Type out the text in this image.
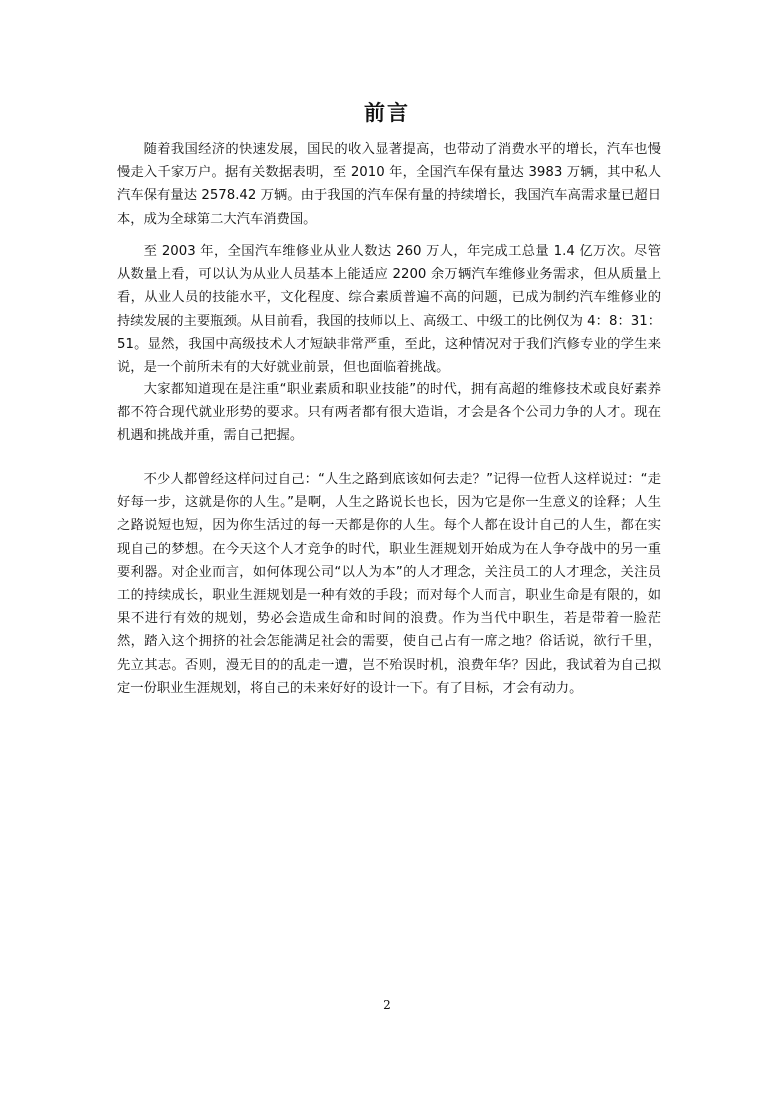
前言

随着我国经济的快速发展，国民的收入显著提高，也带动了消费水平的增长，汽车也慢慢走入千家万户。据有关数据表明，至 2010 年，全国汽车保有量达 3983 万辆，其中私人汽车保有量达 2578.42 万辆。由于我国的汽车保有量的持续增长，我国汽车高需求量已超日本，成为全球第二大汽车消费国。

至 2003 年，全国汽车维修业从业人数达 260 万人，年完成工总量 1.4 亿万次。尽管从数量上看，可以认为从业人员基本上能适应 2200 余万辆汽车维修业务需求，但从质量上看，从业人员的技能水平，文化程度、综合素质普遍不高的问题，已成为制约汽车维修业的持续发展的主要瓶颈。从目前看，我国的技师以上、高级工、中级工的比例仅为 4：8：31：51。显然，我国中高级技术人才短缺非常严重，至此，这种情况对于我们汽修专业的学生来说，是一个前所未有的大好就业前景，但也面临着挑战。

大家都知道现在是注重“职业素质和职业技能”的时代，拥有高超的维修技术或良好素养都不符合现代就业形势的要求。只有两者都有很大造诣，才会是各个公司力争的人才。现在机遇和挑战并重，需自己把握。

不少人都曾经这样问过自己：“人生之路到底该如何去走？”记得一位哲人这样说过：“走好每一步，这就是你的人生。”是啊，人生之路说长也长，因为它是你一生意义的诠释；人生之路说短也短，因为你生活过的每一天都是你的人生。每个人都在设计自己的人生，都在实现自己的梦想。在今天这个人才竞争的时代，职业生涯规划开始成为在人争夺战中的另一重要利器。对企业而言，如何体现公司“以人为本”的人才理念，关注员工的人才理念，关注员工的持续成长，职业生涯规划是一种有效的手段；而对每个人而言，职业生命是有限的，如果不进行有效的规划，势必会造成生命和时间的浪费。作为当代中职生，若是带着一脸茫然，踏入这个拥挤的社会怎能满足社会的需要，使自己占有一席之地？俗话说，欲行千里，先立其志。否则，漫无目的的乱走一遭，岂不殆误时机，浪费年华？因此，我试着为自己拟定一份职业生涯规划，将自己的未来好好的设计一下。有了目标，才会有动力。

2
